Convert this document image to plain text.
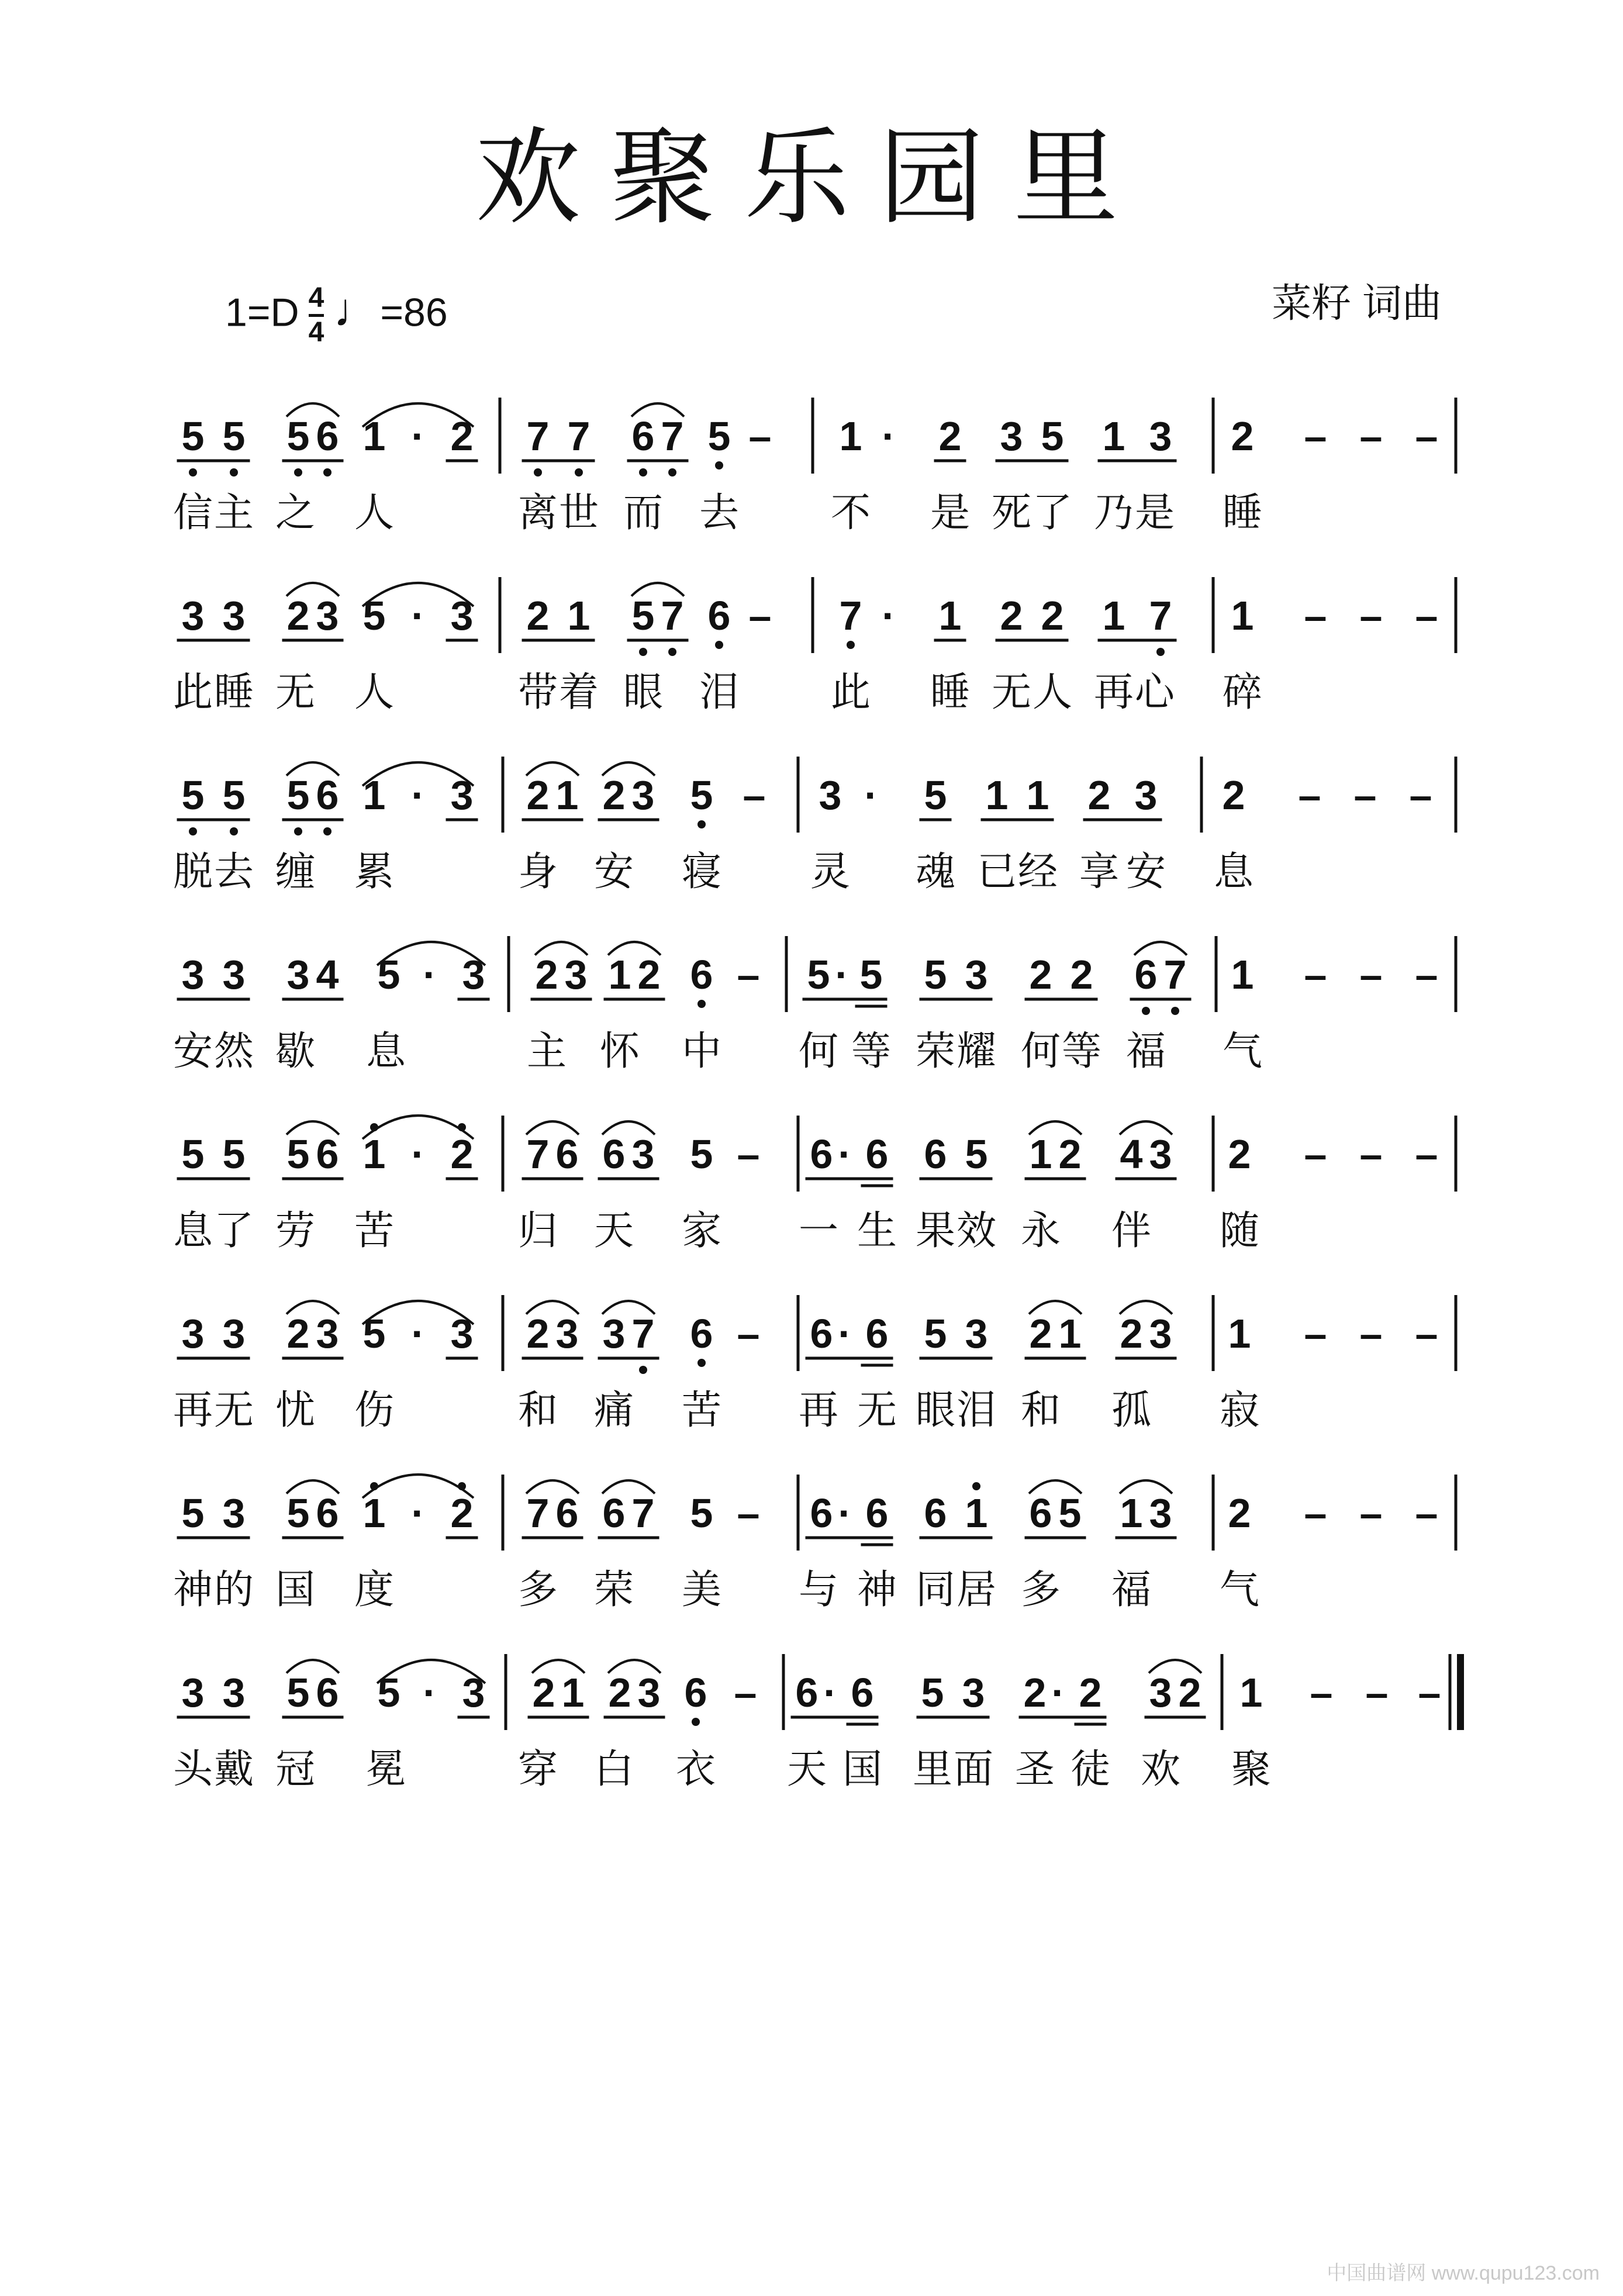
欢聚乐园里
1=D 4
4 ♩=86	菜籽 词曲
5 5 5 6 1 · 2 7 7 6 7 5 – 1 · 2 3 5 1 3 2 – – –
信 主 之 人	离 世 而 去 不 是 死 了 乃 是 睡
3 3 2 3 5 · 3 2 1 5 7 6 – 7 · 1 2 2 1 7 1 – – –
此 睡 无 人	带 着 眼 泪 此 睡 无 人 再 心 碎
5 5 5 6 1 · 3 2 1 2 3 5 – 3 · 5 1 1 2 3 2 – – –
脱 去 缠 累	身 安 寝 灵 魂 已 经 享 安 息
3 3 3 4 5 · 3 2 3 1 2 6 – 5 · 5 5 3 2 2 6 7 1 – – –
安 然 歇 息	主 怀 中 何 等 荣 耀 何 等 福 气
5 5 5 6 1 · 2 7 6 6 3 5 – 6 · 6 6 5 1 2 4 3 2 – – –
息 了 劳 苦	归 天 家 一 生 果 效 永 伴 随
3 3 2 3 5 · 3 2 3 3 7 6 – 6 · 6 5 3 2 1 2 3 1 – – –
再 无 忧 伤	和 痛 苦 再 无 眼 泪 和 孤 寂
5 3 5 6 1 · 2 7 6 6 7 5 – 6 · 6 6 1 6 5 1 3 2 – – –
神 的 国 度	多 荣 美 与 神 同 居 多 福 气
3 3 5 6 5 · 3 2 1 2 3 6 – 6 · 6 5 3 2 · 2 3 2 1 – – –
头 戴 冠 冕	穿 白 衣 天 国 里 面 圣 徒 欢 聚
中国曲谱网 www.qupu123.com
